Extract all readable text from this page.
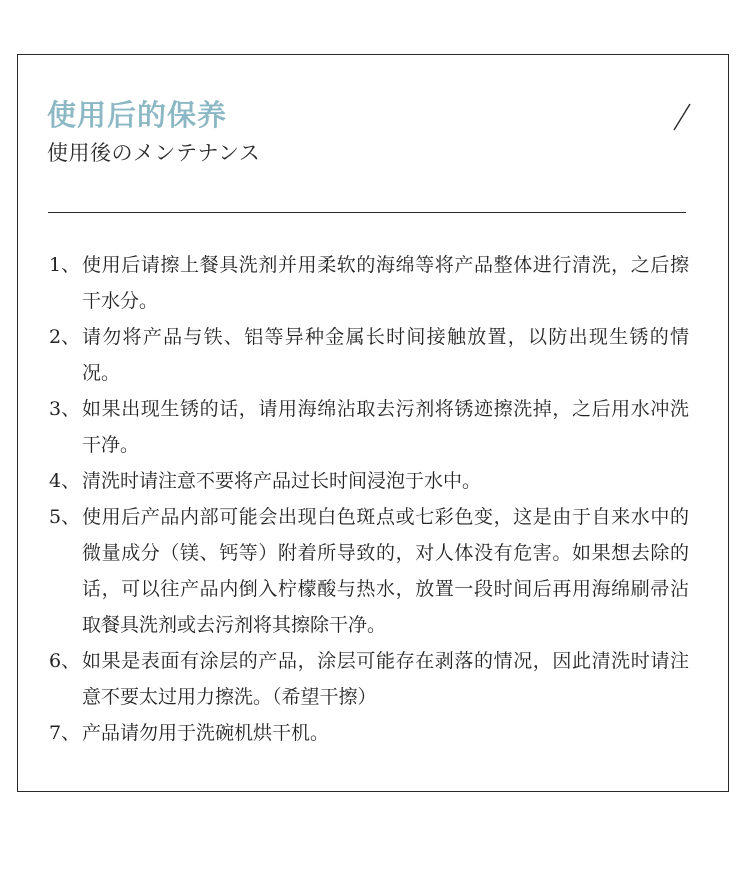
使用后的保养

使用後のメンテナンス

1、 使用后请擦上餐具洗剂并用柔软的海绵等将产品整体进行清洗，之后擦干水分。
2、 请勿将产品与铁、铝等异种金属长时间接触放置，以防出现生锈的情况。
3、 如果出现生锈的话，请用海绵沾取去污剂将锈迹擦洗掉，之后用水冲洗干净。
4、 清洗时请注意不要将产品过长时间浸泡于水中。
5、 使用后产品内部可能会出现白色斑点或七彩色变，这是由于自来水中的微量成分（镁、钙等）附着所导致的，对人体没有危害。如果想去除的话，可以往产品内倒入柠檬酸与热水，放置一段时间后再用海绵刷帚沾取餐具洗剂或去污剂将其擦除干净。
6、 如果是表面有涂层的产品，涂层可能存在剥落的情况，因此清洗时请注意不要太过用力擦洗。（希望干擦）
7、 产品请勿用于洗碗机烘干机。
